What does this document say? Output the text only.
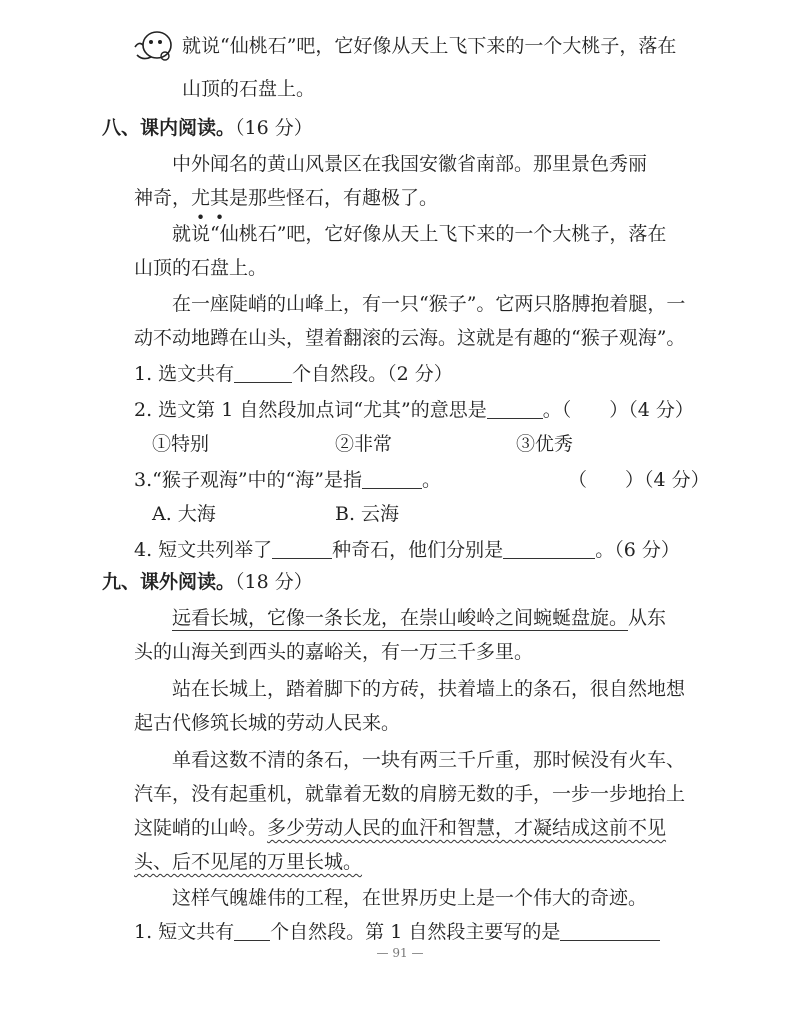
就说“仙桃石”吧，它好像从天上飞下来的一个大桃子，落在
山顶的石盘上。
八、课内阅读。（16 分）
中外闻名的黄山风景区在我国安徽省南部。那里景色秀丽
神奇，尤其是那些怪石，有趣极了。
就说“仙桃石”吧，它好像从天上飞下来的一个大桃子，落在
山顶的石盘上。
在一座陡峭的山峰上，有一只“猴子”。它两只胳膊抱着腿，一
动不动地蹲在山头，望着翻滚的云海。这就是有趣的“猴子观海”。
1. 选文共有	个自然段。（2 分）
2. 选文第 1 自然段加点词“尤其”的意思是	。（　　）（4 分）
①特别	②非常	③优秀
3.“猴子观海”中的“海”是指	。	（　　）（4 分）
A. 大海	B. 云海
4. 短文共列举了	种奇石，他们分别是	。（6 分）
九、课外阅读。（18 分）
远看长城，它像一条长龙，在崇山峻岭之间蜿蜒盘旋。从东
头的山海关到西头的嘉峪关，有一万三千多里。
站在长城上，踏着脚下的方砖，扶着墙上的条石，很自然地想
起古代修筑长城的劳动人民来。
单看这数不清的条石，一块有两三千斤重，那时候没有火车、
汽车，没有起重机，就靠着无数的肩膀无数的手，一步一步地抬上
这陡峭的山岭。多少劳动人民的血汗和智慧，才凝结成这前不见
头、后不见尾的万里长城。
这样气魄雄伟的工程，在世界历史上是一个伟大的奇迹。
1. 短文共有 个自然段。第 1 自然段主要写的是
— 91 —
